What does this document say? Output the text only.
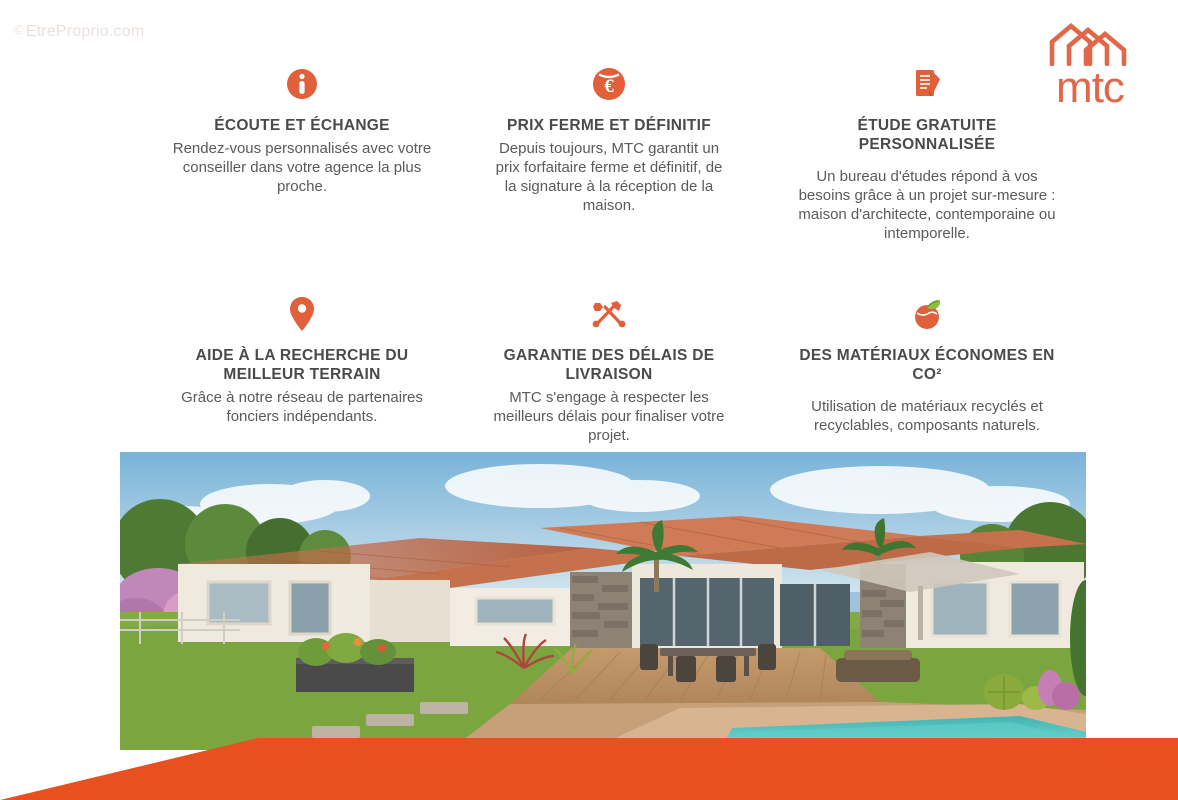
© EtreProprio.com
mtc
ÉCOUTE ET ÉCHANGE
Rendez-vous personnalisés avec votre conseiller dans votre agence la plus proche.
€
PRIX FERME ET DÉFINITIF
Depuis toujours, MTC garantit un prix forfaitaire ferme et définitif, de la signature à la réception de la maison.
ÉTUDE GRATUITE PERSONNALISÉE
Un bureau d'études répond à vos besoins grâce à un projet sur-mesure : maison d'architecte, contemporaine ou intemporelle.
AIDE À LA RECHERCHE DU MEILLEUR TERRAIN
Grâce à notre réseau de partenaires fonciers indépendants.
GARANTIE DES DÉLAIS DE LIVRAISON
MTC s'engage à respecter les meilleurs délais pour finaliser votre projet.
DES MATÉRIAUX ÉCONOMES EN CO²
Utilisation de matériaux recyclés et recyclables, composants naturels.
